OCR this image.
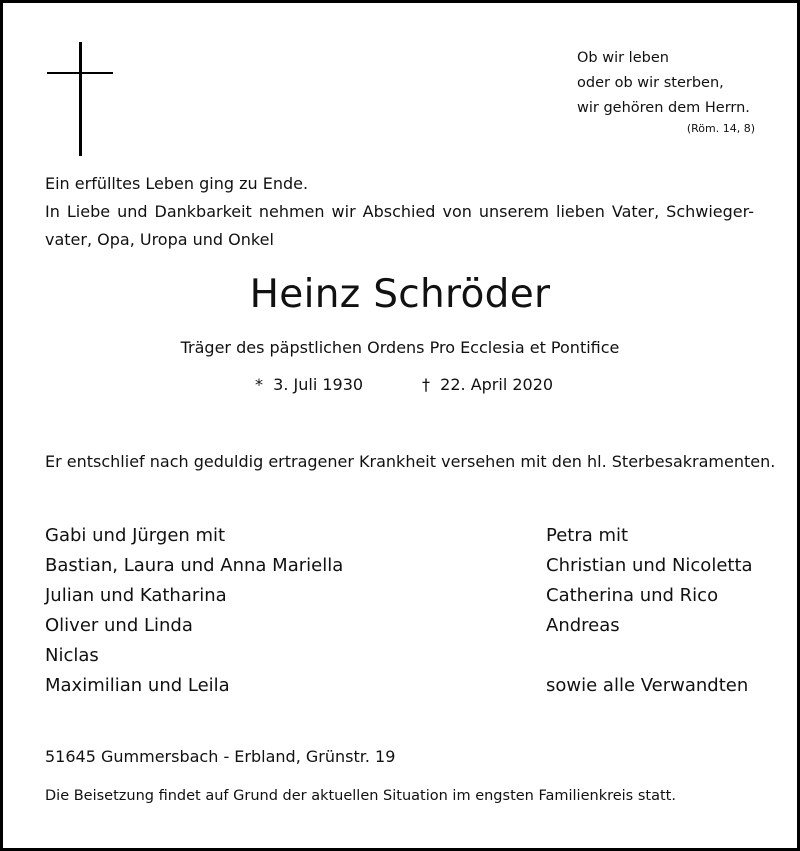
Ob wir leben
oder ob wir sterben,
wir gehören dem Herrn.
(Röm. 14, 8)
Ein erfülltes Leben ging zu Ende.
In Liebe und Dankbarkeit nehmen wir Abschied von unserem lieben Vater, Schwieger-
vater, Opa, Uropa und Onkel
Heinz Schröder
Träger des päpstlichen Ordens Pro Ecclesia et Pontifice
* 3. Juli 1930	† 22. April 2020
Er entschlief nach geduldig ertragener Krankheit versehen mit den hl. Sterbesakramenten.
Gabi und Jürgen mit
Bastian, Laura und Anna Mariella
Julian und Katharina
Oliver und Linda
Niclas
Maximilian und Leila
Petra mit
Christian und Nicoletta
Catherina und Rico
Andreas
sowie alle Verwandten
51645 Gummersbach - Erbland, Grünstr. 19
Die Beisetzung findet auf Grund der aktuellen Situation im engsten Familienkreis statt.
